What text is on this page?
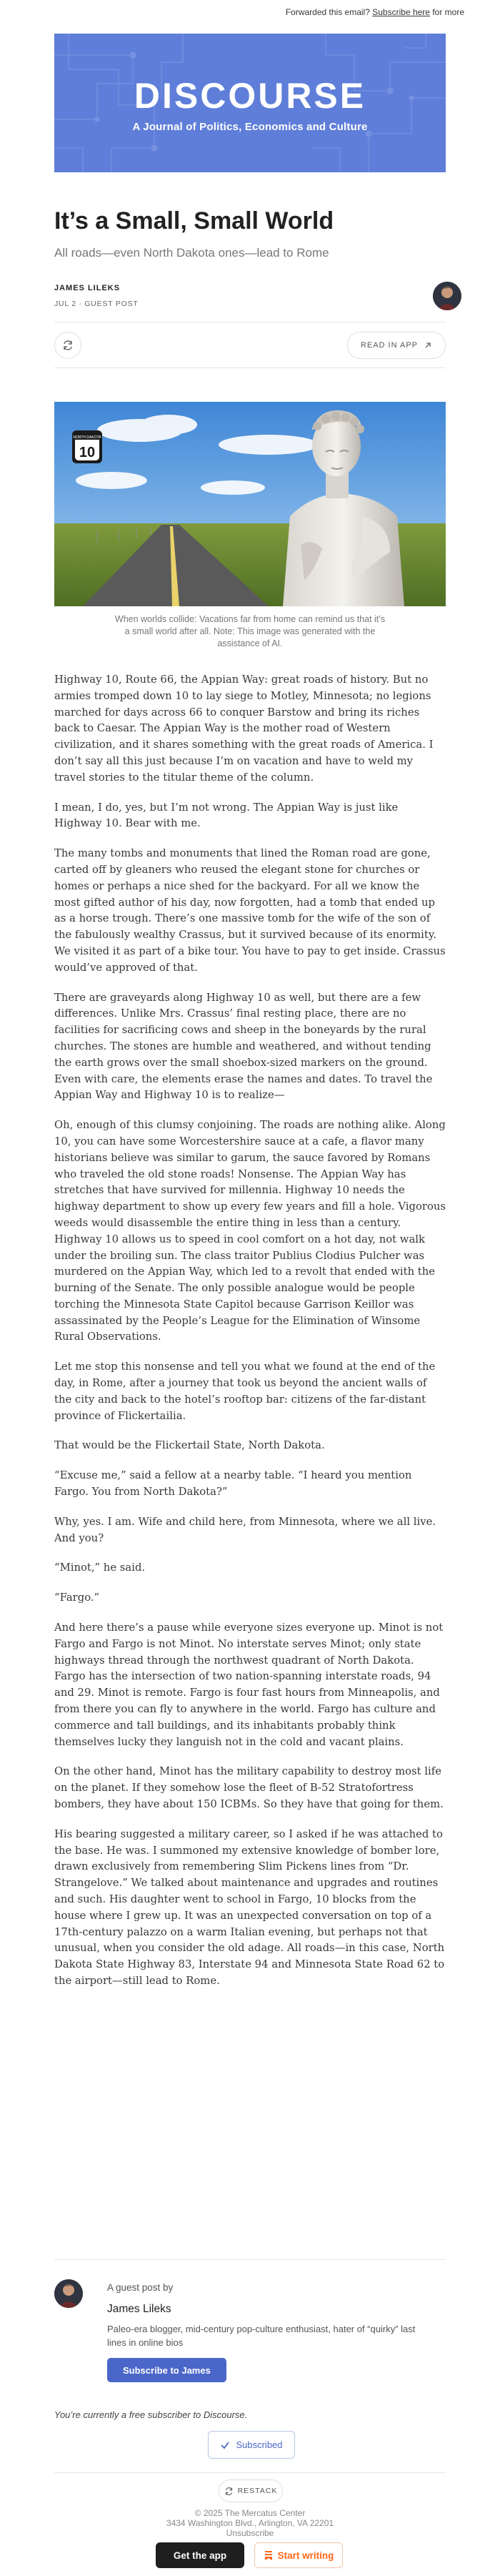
Forwarded this email? Subscribe here for more
DISCOURSE
A Journal of Politics, Economics and Culture
It’s a Small, Small World
All roads—even North Dakota ones—lead to Rome
JAMES LILEKS
JUL 2 ∙ GUEST POST
READ IN APP
NORTH DAKOTA
10
When worlds collide: Vacations far from home can remind us that it’s a small world after all. Note: This image was generated with the assistance of AI.

Highway 10, Route 66, the Appian Way: great roads of history. But no armies tromped down 10 to lay siege to Motley, Minnesota; no legions marched for days across 66 to conquer Barstow and bring its riches back to Caesar. The Appian Way is the mother road of Western civilization, and it shares something with the great roads of America. I don’t say all this just because I’m on vacation and have to weld my travel stories to the titular theme of the column.

I mean, I do, yes, but I’m not wrong. The Appian Way is just like Highway 10. Bear with me.

The many tombs and monuments that lined the Roman road are gone, carted off by gleaners who reused the elegant stone for churches or homes or perhaps a nice shed for the backyard. For all we know the most gifted author of his day, now forgotten, had a tomb that ended up as a horse trough. There’s one massive tomb for the wife of the son of the fabulously wealthy Crassus, but it survived because of its enormity. We visited it as part of a bike tour. You have to pay to get inside. Crassus would’ve approved of that.

There are graveyards along Highway 10 as well, but there are a few differences. Unlike Mrs. Crassus’ final resting place, there are no facilities for sacrificing cows and sheep in the boneyards by the rural churches. The stones are humble and weathered, and without tending the earth grows over the small shoebox-sized markers on the ground. Even with care, the elements erase the names and dates. To travel the Appian Way and Highway 10 is to realize—

Oh, enough of this clumsy conjoining. The roads are nothing alike. Along 10, you can have some Worcestershire sauce at a cafe, a flavor many historians believe was similar to garum, the sauce favored by Romans who traveled the old stone roads! Nonsense. The Appian Way has stretches that have survived for millennia. Highway 10 needs the highway department to show up every few years and fill a hole. Vigorous weeds would disassemble the entire thing in less than a century. Highway 10 allows us to speed in cool comfort on a hot day, not walk under the broiling sun. The class traitor Publius Clodius Pulcher was murdered on the Appian Way, which led to a revolt that ended with the burning of the Senate. The only possible analogue would be people torching the Minnesota State Capitol because Garrison Keillor was assassinated by the People’s League for the Elimination of Winsome Rural Observations.

Let me stop this nonsense and tell you what we found at the end of the day, in Rome, after a journey that took us beyond the ancient walls of the city and back to the hotel’s rooftop bar: citizens of the far-distant province of Flickertailia.

That would be the Flickertail State, North Dakota.

“Excuse me,” said a fellow at a nearby table. “I heard you mention Fargo. You from North Dakota?”

Why, yes. I am. Wife and child here, from Minnesota, where we all live. And you?

“Minot,” he said.

“Fargo.”

And here there’s a pause while everyone sizes everyone up. Minot is not Fargo and Fargo is not Minot. No interstate serves Minot; only state highways thread through the northwest quadrant of North Dakota. Fargo has the intersection of two nation-spanning interstate roads, 94 and 29. Minot is remote. Fargo is four fast hours from Minneapolis, and from there you can fly to anywhere in the world. Fargo has culture and commerce and tall buildings, and its inhabitants probably think themselves lucky they languish not in the cold and vacant plains.

On the other hand, Minot has the military capability to destroy most life on the planet. If they somehow lose the fleet of B-52 Stratofortress bombers, they have about 150 ICBMs. So they have that going for them.

His bearing suggested a military career, so I asked if he was attached to the base. He was. I summoned my extensive knowledge of bomber lore, drawn exclusively from remembering Slim Pickens lines from “Dr. Strangelove.” We talked about maintenance and upgrades and routines and such. His daughter went to school in Fargo, 10 blocks from the house where I grew up. It was an unexpected conversation on top of a 17th-century palazzo on a warm Italian evening, but perhaps not that unusual, when you consider the old adage. All roads—in this case, North Dakota State Highway 83, Interstate 94 and Minnesota State Road 62 to the airport—still lead to Rome.

A guest post by
James Lileks
Paleo-era blogger, mid-century pop-culture enthusiast, hater of “quirky” last lines in online bios
Subscribe to James
You’re currently a free subscriber to Discourse.
Subscribed
RESTACK
© 2025 The Mercatus Center
3434 Washington Blvd., Arlington, VA 22201
Unsubscribe
Get the app	Start writing
